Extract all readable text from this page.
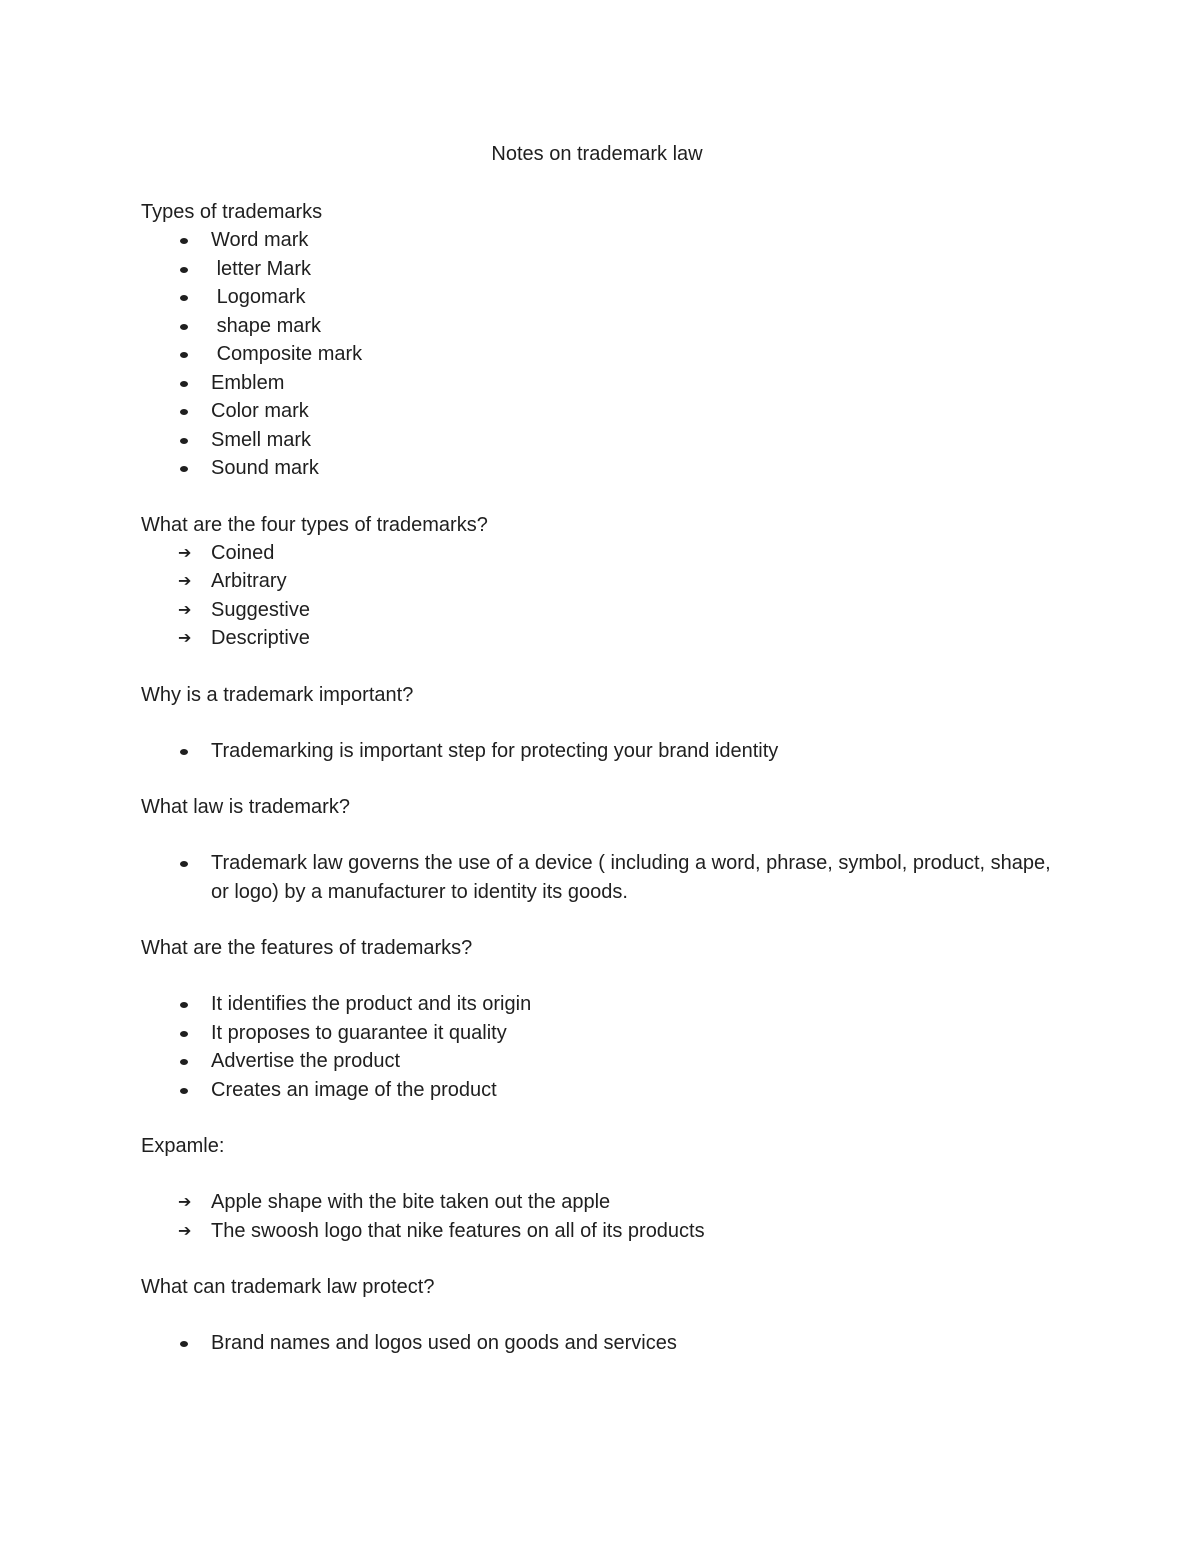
Notes on trademark law

Types of trademarks

Word mark
letter Mark
Logomark
shape mark
Composite mark
Emblem
Color mark
Smell mark
Sound mark

What are the four types of trademarks?

➔
Coined
➔
Arbitrary
➔
Suggestive
➔
Descriptive

Why is a trademark important?

Trademarking is important step for protecting your brand identity

What law is trademark?

Trademark law governs the use of a device ( including a word, phrase, symbol, product, shape, or logo) by a manufacturer to identity its goods.

What are the features of trademarks?

It identifies the product and its origin
It proposes to guarantee it quality
Advertise the product
Creates an image of the product

Expamle:

➔
Apple shape with the bite taken out the apple
➔
The swoosh logo that nike features on all of its products

What can trademark law protect?

Brand names and logos used on goods and services
